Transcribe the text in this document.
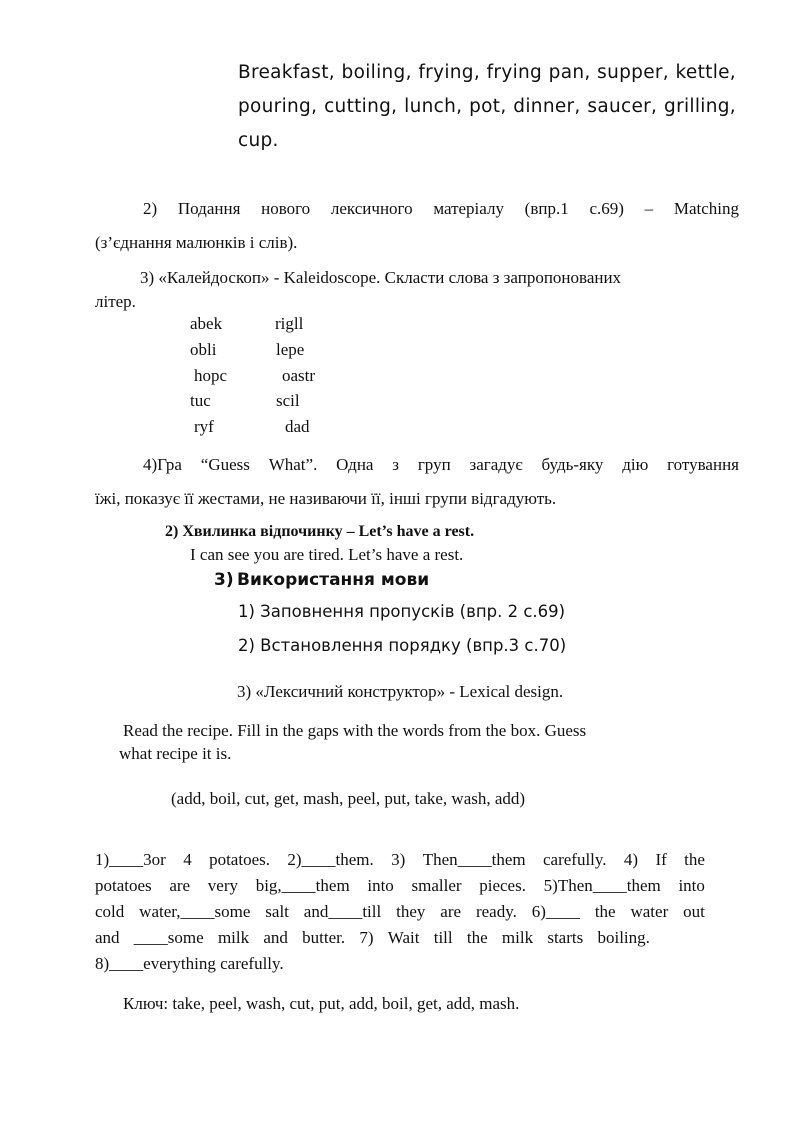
Breakfast, boiling, frying, frying pan, supper, kettle, pouring, cutting, lunch, pot, dinner, saucer, grilling, cup.
2) Подання нового лексичного матеріалу (впр.1 с.69) – Matching
(з’єднання малюнків і слів).
3) «Калейдоскоп» - Kaleidoscope. Скласти слова з запропонованих
літер.
abek	rigll
obli	lepe
hopc	oastr
tuc	scil
ryf	dad
4)Гра “Guess What”. Одна з груп загадує будь-яку дію готування
їжі, показує її жестами, не називаючи її, інші групи відгадують.
2) Хвилинка відпочинку – Let’s have a rest.
I can see you are tired. Let’s have a rest.
3) Використання мови
1) Заповнення пропусків (впр. 2 с.69)
2) Встановлення порядку (впр.3 с.70)
3) «Лексичний конструктор» - Lexical design.
Read the recipe. Fill in the gaps with the words from the box. Guess
what recipe it is.
(add, boil, cut, get, mash, peel, put, take, wash, add)
1)____3or 4 potatoes. 2)____them. 3) Then____them carefully. 4) If the
potatoes are very big,____them into smaller pieces. 5)Then____them into
cold water,____some salt and____till they are ready. 6)____ the water out
and ____some milk and butter. 7) Wait till the milk starts boiling.
8)____everything carefully.
Ключ: take, peel, wash, cut, put, add, boil, get, add, mash.
